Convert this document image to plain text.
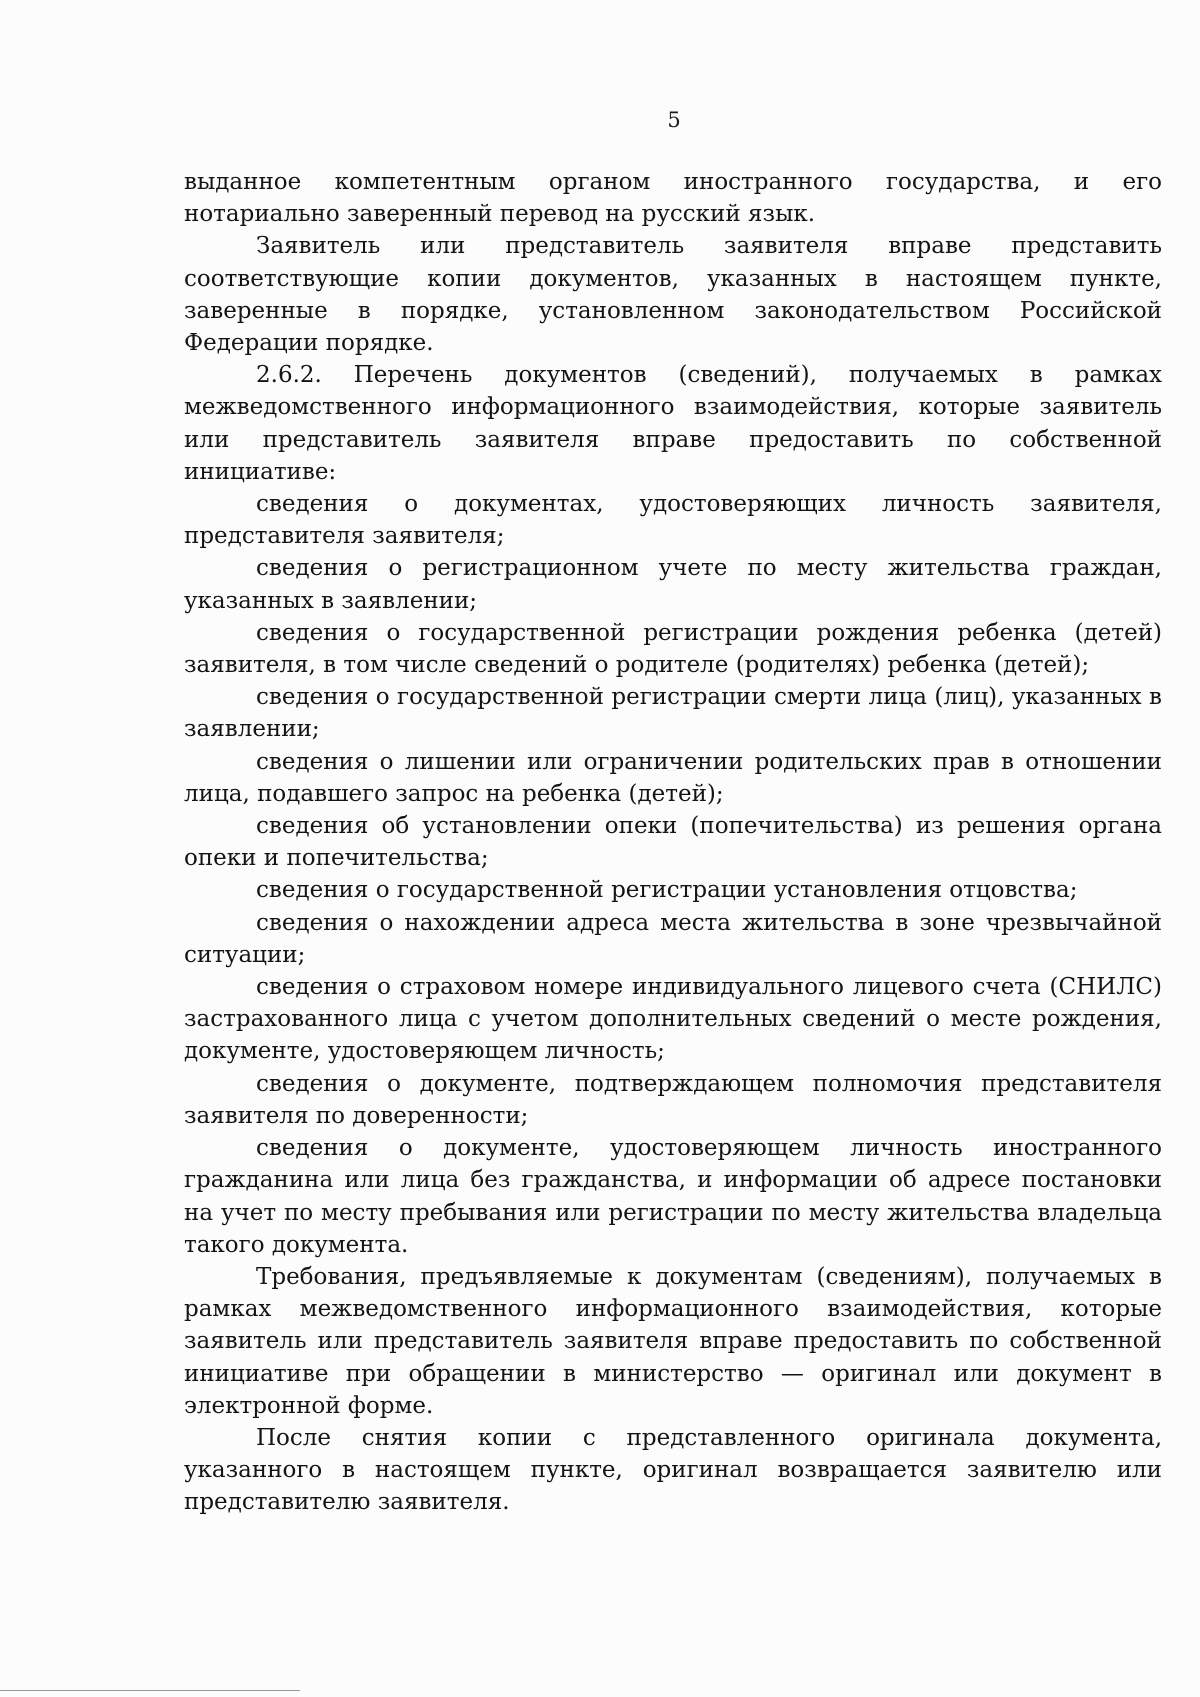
5

выданное компетентным органом иностранного государства, и его нотариально заверенный перевод на русский язык.

Заявитель или представитель заявителя вправе представить соответствующие копии документов, указанных в настоящем пункте, заверенные в порядке, установленном законодательством Российской Федерации порядке.

2.6.2. Перечень документов (сведений), получаемых в рамках межведомственного информационного взаимодействия, которые заявитель или представитель заявителя вправе предоставить по собственной инициативе:

сведения о документах, удостоверяющих личность заявителя, представителя заявителя;

сведения о регистрационном учете по месту жительства граждан, указанных в заявлении;

сведения о государственной регистрации рождения ребенка (детей) заявителя, в том числе сведений о родителе (родителях) ребенка (детей);

сведения о государственной регистрации смерти лица (лиц), указанных в заявлении;

сведения о лишении или ограничении родительских прав в отношении лица, подавшего запрос на ребенка (детей);

сведения об установлении опеки (попечительства) из решения органа опеки и попечительства;

сведения о государственной регистрации установления отцовства;

сведения о нахождении адреса места жительства в зоне чрезвычайной ситуации;

сведения о страховом номере индивидуального лицевого счета (СНИЛС) застрахованного лица с учетом дополнительных сведений о месте рождения, документе, удостоверяющем личность;

сведения о документе, подтверждающем полномочия представителя заявителя по доверенности;

сведения о документе, удостоверяющем личность иностранного гражданина или лица без гражданства, и информации об адресе постановки на учет по месту пребывания или регистрации по месту жительства владельца такого документа.

Требования, предъявляемые к документам (сведениям), получаемых в рамках межведомственного информационного взаимодействия, которые заявитель или представитель заявителя вправе предоставить по собственной инициативе при обращении в министерство — оригинал или документ в электронной форме.

После снятия копии с представленного оригинала документа, указанного в настоящем пункте, оригинал возвращается заявителю или представителю заявителя.
